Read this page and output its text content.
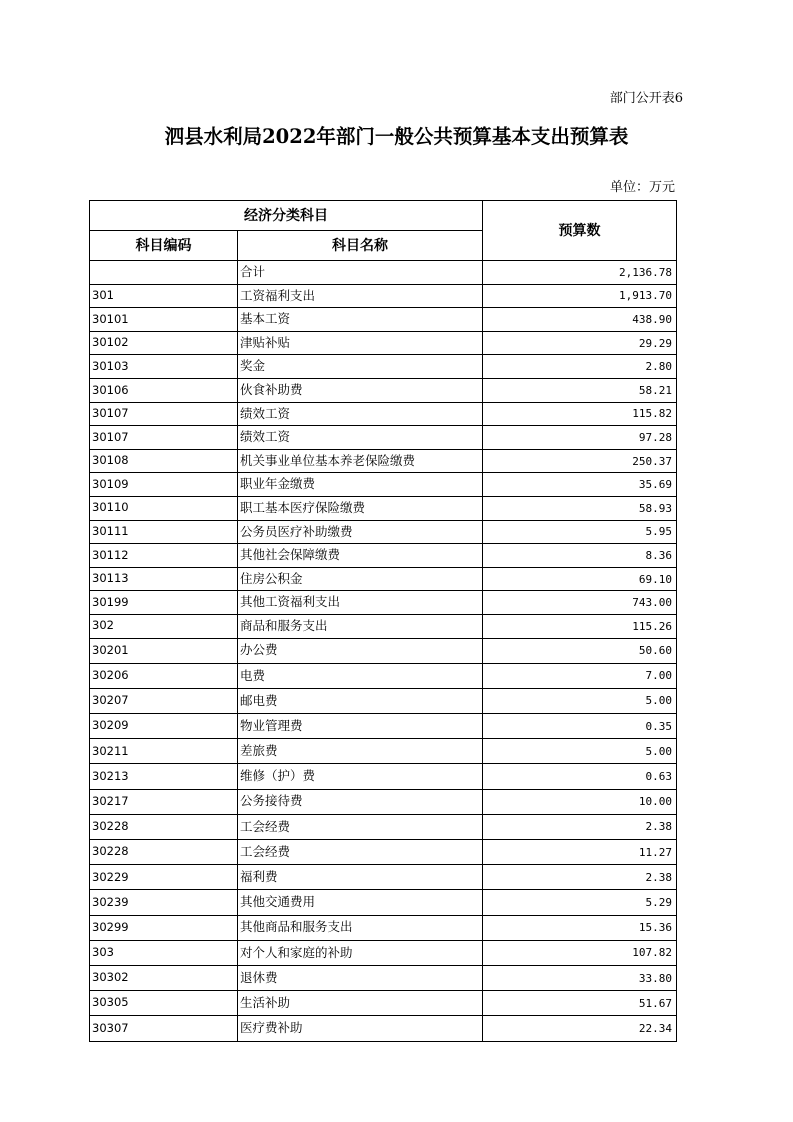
部门公开表6
泗县水利局2022年部门一般公共预算基本支出预算表
单位：万元
经济分类科目		预算数
科目编码	科目名称	
	合计	2,136.78
301	工资福利支出	1,913.70
30101	基本工资	438.90
30102	津贴补贴	29.29
30103	奖金	2.80
30106	伙食补助费	58.21
30107	绩效工资	115.82
30107	绩效工资	97.28
30108	机关事业单位基本养老保险缴费	250.37
30109	职业年金缴费	35.69
30110	职工基本医疗保险缴费	58.93
30111	公务员医疗补助缴费	5.95
30112	其他社会保障缴费	8.36
30113	住房公积金	69.10
30199	其他工资福利支出	743.00
302	商品和服务支出	115.26
30201	办公费	50.60
30206	电费	7.00
30207	邮电费	5.00
30209	物业管理费	0.35
30211	差旅费	5.00
30213	维修（护）费	0.63
30217	公务接待费	10.00
30228	工会经费	2.38
30228	工会经费	11.27
30229	福利费	2.38
30239	其他交通费用	5.29
30299	其他商品和服务支出	15.36
303	对个人和家庭的补助	107.82
30302	退休费	33.80
30305	生活补助	51.67
30307	医疗费补助	22.34
